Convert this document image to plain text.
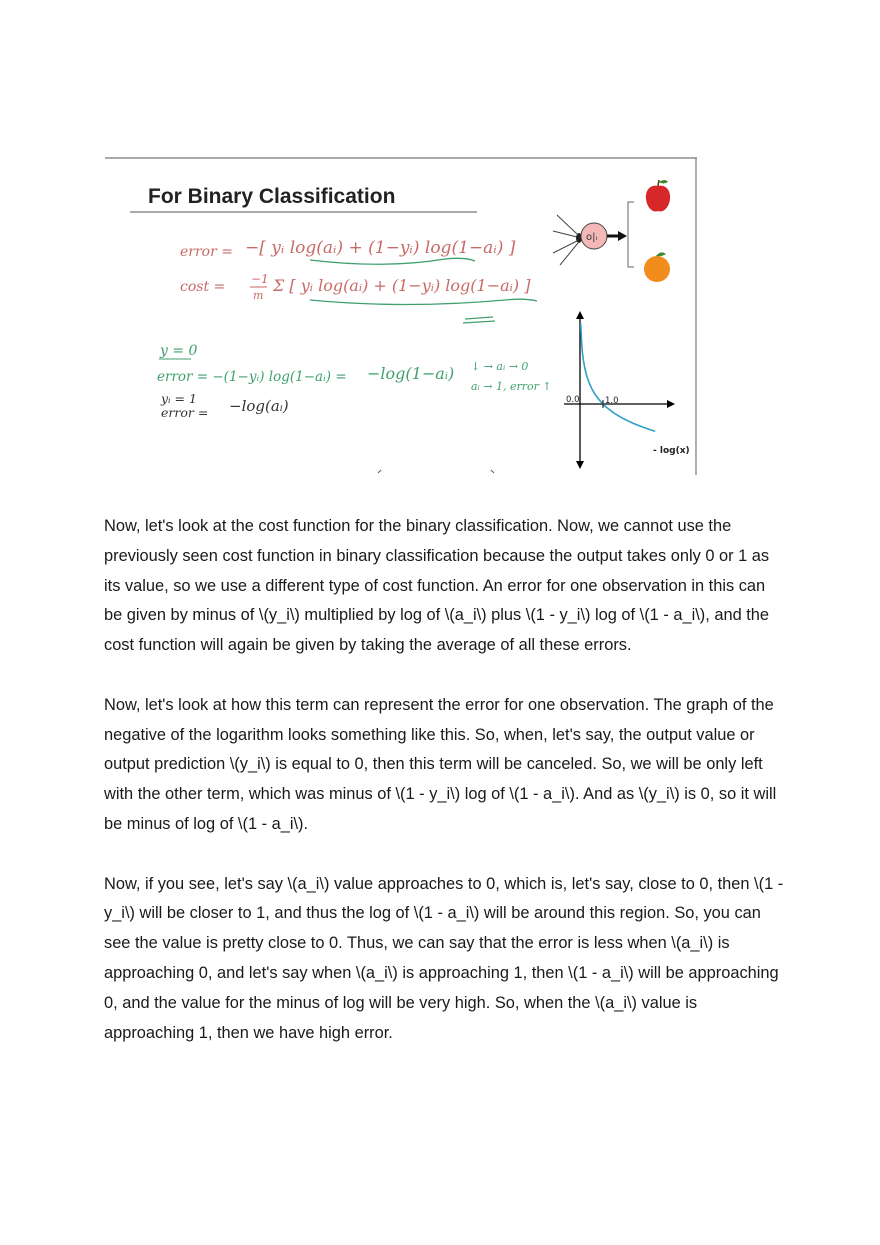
For Binary Classification
error = −[ yᵢ log(aᵢ) + (1−yᵢ) log(1−aᵢ) ]
cost = −1
m
Σ [ yᵢ log(aᵢ) + (1−yᵢ) log(1−aᵢ) ]
y = 0
error = −(1−yᵢ) log(1−aᵢ) = −log(1−aᵢ) ↓ → aᵢ → 0
aᵢ → 1, error ↑
yᵢ = 1
error = −log(aᵢ)
o|ᵢ
0.0	1.0
- log(x)

Now, let's look at the cost function for the binary classification. Now, we cannot use the previously seen cost function in binary classification because the output takes only 0 or 1 as its value, so we use a different type of cost function. An error for one observation in this can be given by minus of \(y_i\) multiplied by log of \(a_i\) plus \(1 - y_i\) log of \(1 - a_i\), and the cost function will again be given by taking the average of all these errors.

Now, let's look at how this term can represent the error for one observation. The graph of the negative of the logarithm looks something like this. So, when, let's say, the output value or output prediction \(y_i\) is equal to 0, then this term will be canceled. So, we will be only left with the other term, which was minus of \(1 - y_i\) log of \(1 - a_i\). And as \(y_i\) is 0, so it will be minus of log of \(1 - a_i\).

Now, if you see, let's say \(a_i\) value approaches to 0, which is, let's say, close to 0, then \(1 - y_i\) will be closer to 1, and thus the log of \(1 - a_i\) will be around this region. So, you can see the value is pretty close to 0. Thus, we can say that the error is less when \(a_i\) is approaching 0, and let's say when \(a_i\) is approaching 1, then \(1 - a_i\) will be approaching 0, and the value for the minus of log will be very high. So, when the \(a_i\) value is approaching 1, then we have high error.
